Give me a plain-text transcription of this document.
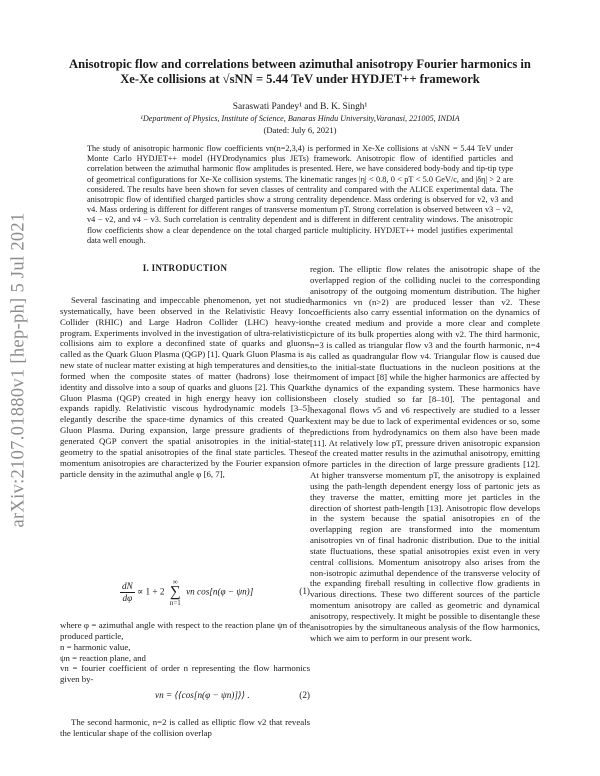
arXiv:2107.01880v1 [hep-ph] 5 Jul 2021
Anisotropic flow and correlations between azimuthal anisotropy Fourier harmonics in
Xe-Xe collisions at √sNN = 5.44 TeV under HYDJET++ framework
Saraswati Pandey¹ and B. K. Singh¹
¹Department of Physics, Institute of Science, Banaras Hindu University,Varanasi, 221005, INDIA
(Dated: July 6, 2021)

The study of anisotropic harmonic flow coefficients vn(n=2,3,4) is performed in Xe-Xe collisions at √sNN = 5.44 TeV under Monte Carlo HYDJET++ model (HYDrodynamics plus JETs) framework. Anisotropic flow of identified particles and correlation between the azimuthal harmonic flow amplitudes is presented. Here, we have considered body-body and tip-tip type of geometrical configurations for Xe-Xe collision systems. The kinematic ranges |η| < 0.8, 0 < pT < 5.0 GeV/c, and |δη| > 2 are considered. The results have been shown for seven classes of centrality and compared with the ALICE experimental data. The anisotropic flow of identified charged particles show a strong centrality dependence. Mass ordering is observed for v2, v3 and v4. Mass ordering is different for different ranges of transverse momentum pT. Strong correlation is observed between v3 − v2, v4 − v2, and v4 − v3. Such correlation is centrality dependent and is different in different centrality windows. The anisotropic flow coefficients show a clear dependence on the total charged particle multiplicity. HYDJET++ model justifies experimental data well enough.

I. INTRODUCTION

Several fascinating and impeccable phenomenon, yet not studied systematically, have been observed in the Relativistic Heavy Ion Collider (RHIC) and Large Hadron Collider (LHC) heavy-ion program. Experiments involved in the investigation of ultra-relativistic collisions aim to explore a deconfined state of quarks and gluons called as the Quark Gluon Plasma (QGP) [1]. Quark Gluon Plasma is a new state of nuclear matter existing at high temperatures and densities, formed when the composite states of matter (hadrons) lose their identity and dissolve into a soup of quarks and gluons [2]. This Quark Gluon Plasma (QGP) created in high energy heavy ion collisions expands rapidly. Relativistic viscous hydrodynamic models [3–5] elegantly describe the space-time dynamics of this created Quark Gluon Plasma. During expansion, large pressure gradients of the generated QGP convert the spatial anisotropies in the initial-state geometry to the spatial anisotropies of the final state particles. These momentum anisotropies are characterized by the Fourier expansion of particle density in the azimuthal angle φ [6, 7],

$\frac{dN}{d\varphi} \propto 1 + 2$ ∞
∑
n=1 vn cos[n(φ − ψn)]	(1)

where φ = azimuthal angle with respect to the reaction plane ψn of the produced particle,
n = harmonic value,
ψn = reaction plane, and
vn = fourier coefficient of order n representing the flow harmonics given by-

vn = ⟨⟨cos[n(φ − ψn)]⟩⟩ .	(2)

The second harmonic, n=2 is called as elliptic flow v2 that reveals the lenticular shape of the collision overlap

region. The elliptic flow relates the anisotropic shape of the overlapped region of the colliding nuclei to the corresponding anisotropy of the outgoing momentum distribution. The higher harmonics vn (n>2) are produced lesser than v2. These coefficients also carry essential information on the dynamics of the created medium and provide a more clear and complete picture of its bulk properties along with v2. The third harmonic, n=3 is called as triangular flow v3 and the fourth harmonic, n=4 is called as quadrangular flow v4. Triangular flow is caused due to the initial-state fluctuations in the nucleon positions at the moment of impact [8] while the higher harmonics are affected by the dynamics of the expanding system. These harmonics have been closely studied so far [8–10]. The pentagonal and hexagonal flows v5 and v6 respectively are studied to a lesser extent may be due to lack of experimental evidences or so, some predictions from hydrodynamics on them also have been made [11]. At relatively low pT, pressure driven anisotropic expansion of the created matter results in the azimuthal anisotropy, emitting more particles in the direction of large pressure gradients [12]. At higher transverse momentum pT, the anisotropy is explained using the path-length dependent energy loss of partonic jets as they traverse the matter, emitting more jet particles in the direction of shortest path-length [13]. Anisotropic flow develops in the system because the spatial anisotropies εn of the overlapping region are transformed into the momentum anisotropies vn of final hadronic distribution. Due to the initial state fluctuations, these spatial anisotropies exist even in very central collisions. Momentum anisotropy also arises from the non-isotropic azimuthal dependence of the transverse velocity of the expanding fireball resulting in collective flow gradients in various directions. These two different sources of the particle momentum anisotropy are called as geometric and dynamical anisotropy, respectively. It might be possible to disentangle these anisotropies by the simultaneous analysis of the flow harmonics, which we aim to perform in our present work.
